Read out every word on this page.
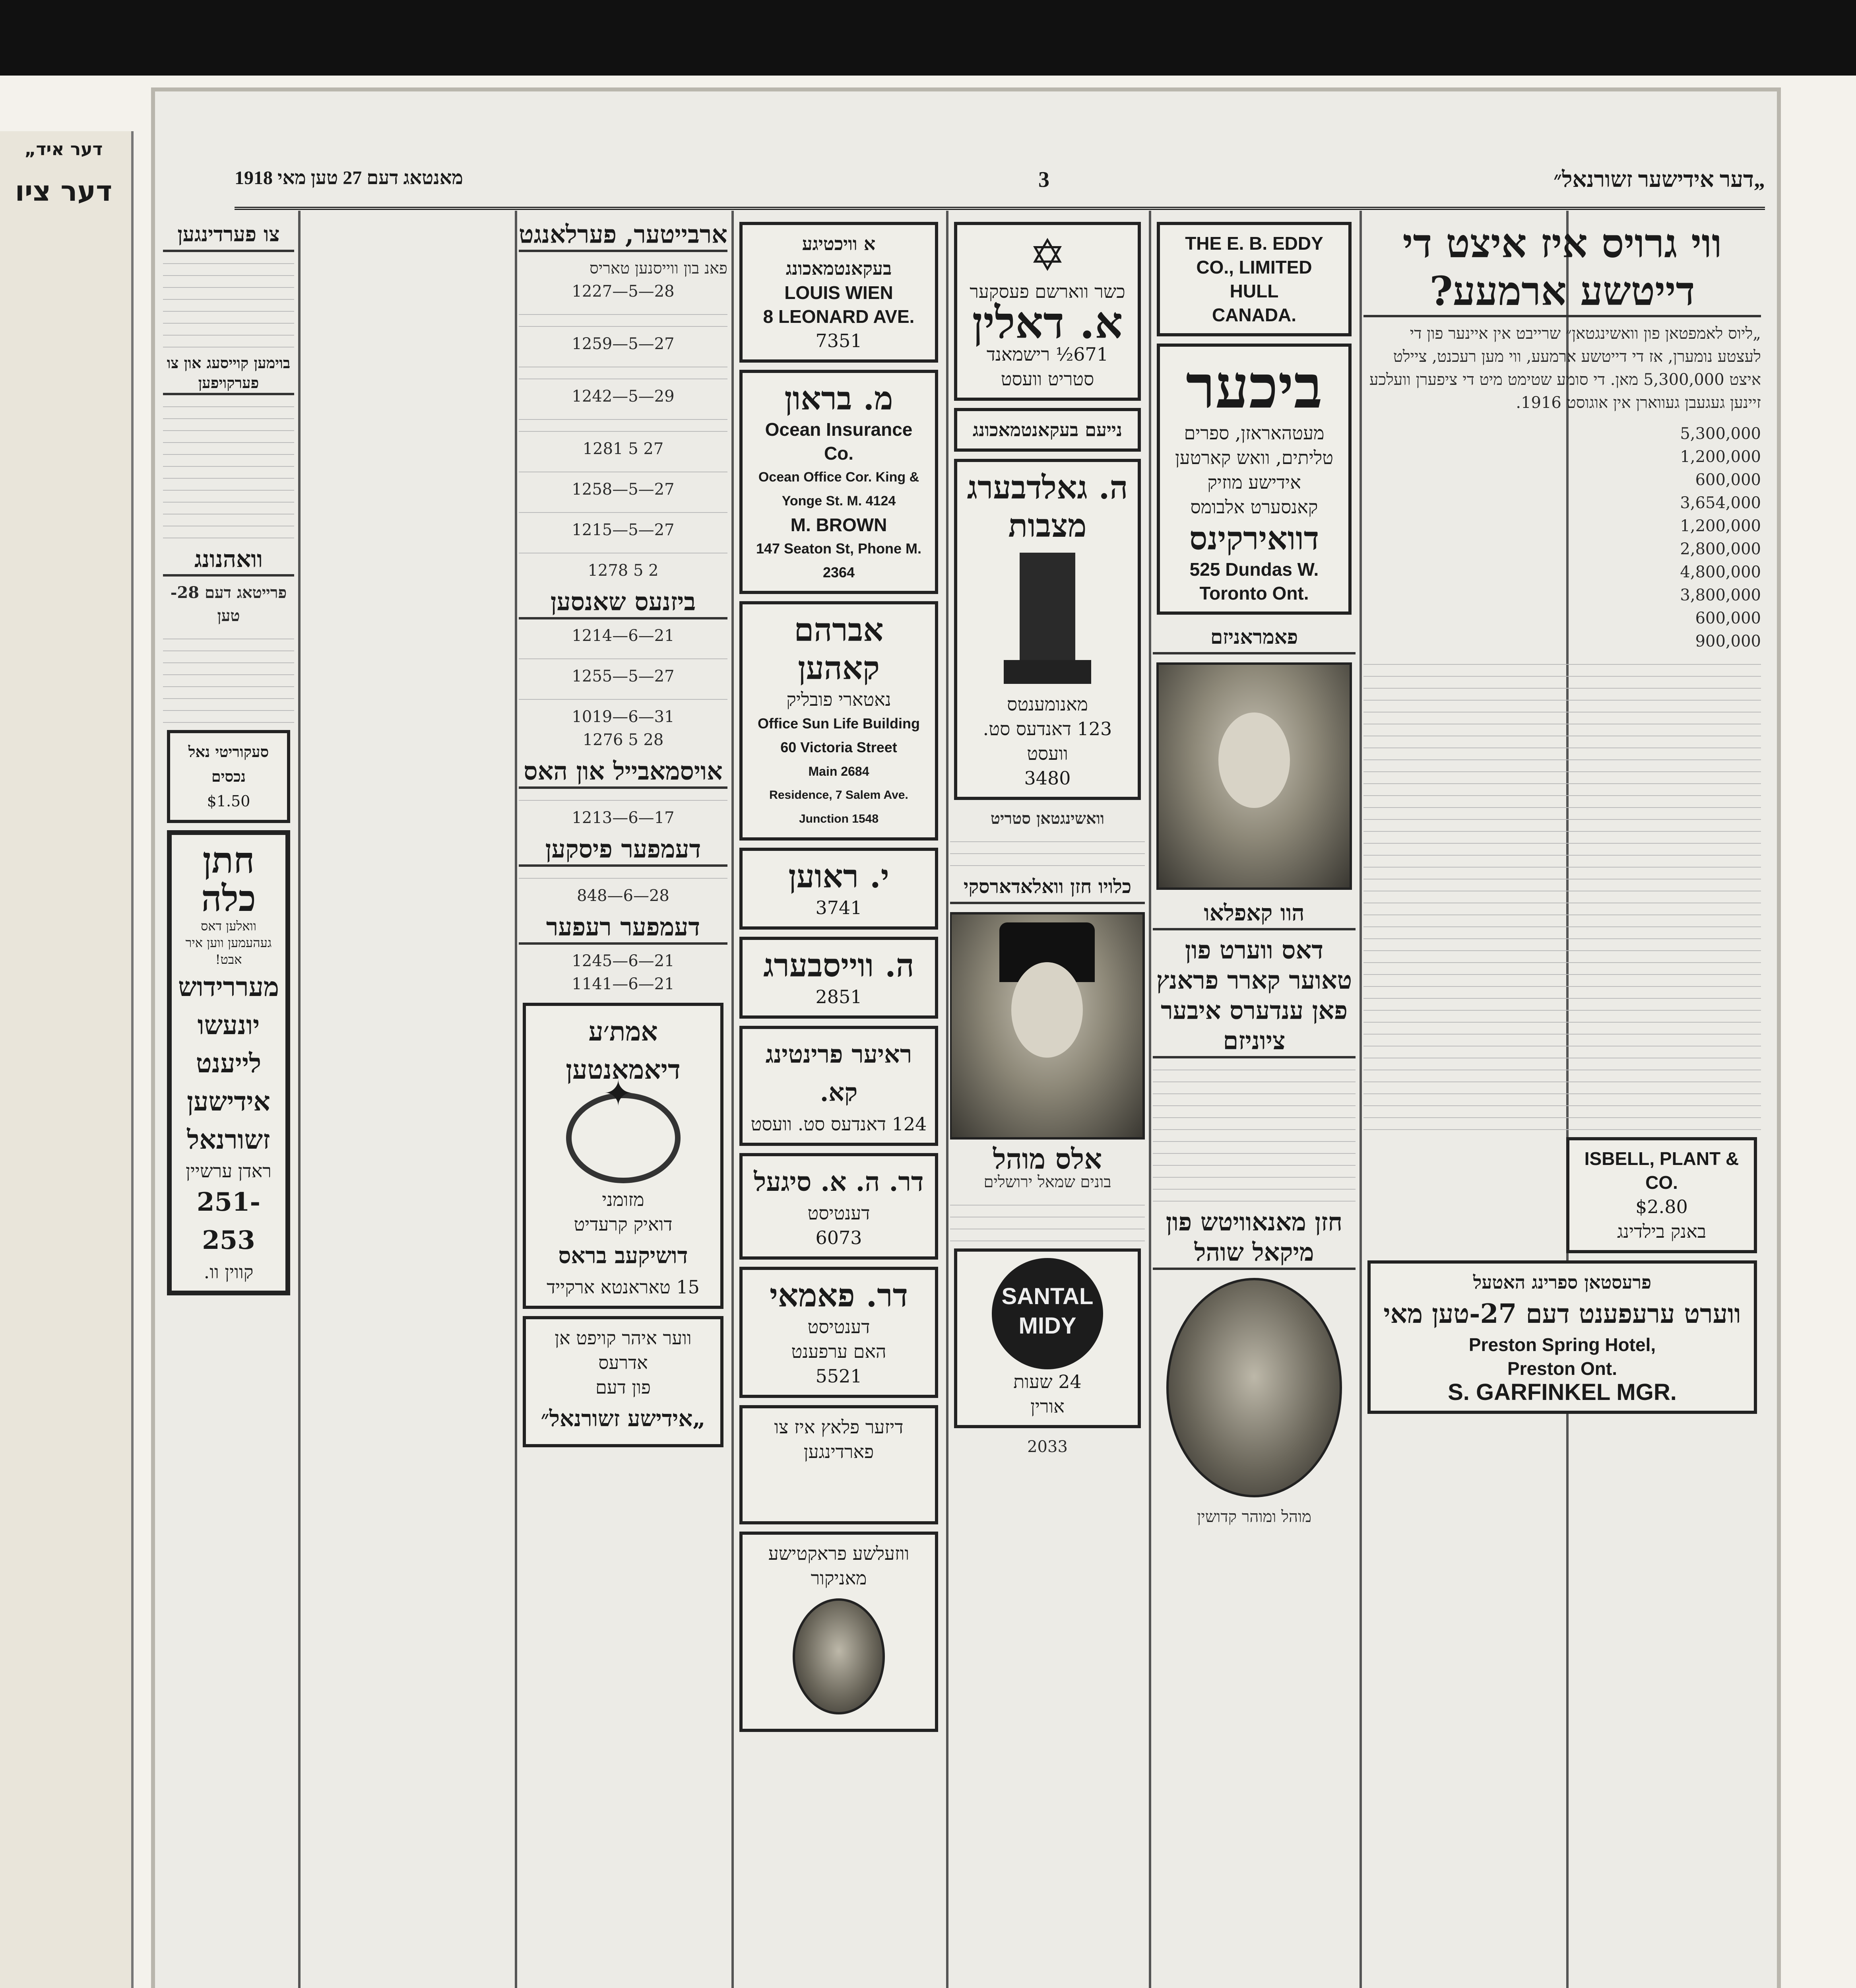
„דער איד
דער ציו	„דער אידישער זשורנאל״
3
מאנטאג דעם 27 טען מאי 1918
ווי גרויס איז איצט די דייטשע ארמעע?
„ליוס לאמפטאן פון וואשינגטאן״ שרייבט אין איינער פון די לעצטע נומערן, אז די דייטשע ארמעע, ווי מען רעכנט, ציילט איצט 5,300,000 מאן. די סומע שטימט מיט די ציפערן וועלכע זיינען געגעבן געווארן אין אוגוסט 1916.
5,300,000
1,200,000
600,000
3,654,000
1,200,000
2,800,000
4,800,000
3,800,000
600,000
900,000
ISBELL, PLANT & CO.
$2.80
באנק בילדינג
פרעסטאן ספרינג האטעל
ווערט ערעפענט דעם 27-טען מאי
Preston Spring Hotel,
Preston Ont.
S. GARFINKEL MGR.
THE E. B. EDDY
CO., LIMITED
HULL
CANADA.
ביכער
מעטהאראזן, ספרים
טליתים, וואש קארטען
אידישע מוזיק
קאנסערט אלבומס
דוואירקינס
525 Dundas W. Toronto Ont.
פאמראניזם
הוו קאפלאו
דאס ווערט פון טאוער קארר פראנץ פאן ענדערס איבער ציוניזם
חזן מאנאוויטש פון מיקאל שוהל
מוהל ומוהר קדושין
✡
כשר ווארשם פעסקער
א. דאלין
671½ רישמאנד סטריט וועסט
נייעם בעקאנטמאכונג
ה. גאלדבערג
מצבות
מאנומענטס
123 דאנדעס סט. וועסט
3480
וואשינגטאן סטריט
כלויו חזן וואלאדארסקי
אלס מוהל
בונים שמאל ירושלים
SANTAL
MIDY
24 שעות
אורין
2033
א וויכטיגע בעקאנטמאכונג
LOUIS WIEN
8 LEONARD AVE.
7351
מ. בראון
Ocean Insurance Co.
Ocean Office Cor. King & Yonge St. M. 4124
M. BROWN
147 Seaton St, Phone M. 2364
אברהם קאהען
נאטארי פובליק
Office Sun Life Building
60 Victoria Street
Main 2684
Residence, 7 Salem Ave.
Junction 1548
י. ראוען
3741
ה. ווייסבערג
2851
ראיער פרינטינג קא.
124 דאנדעס סט. וועסט
דר. ה. א. סיגעל
דענטיסט
6073
דר. פאמאי
דענטיסט
האם ערפענט
5521
דיזער פלאץ איז צו פארדינגען
ווזעלשע פראקטישע מאניקור
ארבייטער, פערלאנגט
פאנ בון ווייסנען טאריס
1227—5—28
1259—5—27
1242—5—29
1281 5 27
1258—5—27
1215—5—27
1278 5 2
ביזנעס שאנסען
1214—6—21
1255—5—27
1019—6—31
1276 5 28
אויסמאבייל און האס
1213—6—17
דעמפער פיסקען
848—6—28
דעמפער רעפער
1245—6—21
1141—6—21
אמת׳ע דיאמאנטען
✦
מזומני
דואיק קרעדיט
דושיקעב בראס
15 טאראנטא ארקייד
ווער איהר קויפט אן אדרעס
פון דעם
„אידישע זשורנאל״
צו פערדינגען
בוימען קוייסעג און צו פערקויפען
וואהנונג
פרייטאג דעם 28-טען
סעקוריטי נאל נכסים
$1.50
חתן כלה
וואלען דאס געהעמען ווען איר אבט!
מעררידוש
יונעשו לייענט
אידישען
זשורנאל
ראדן ערשיין
251-253
קווין וו.
